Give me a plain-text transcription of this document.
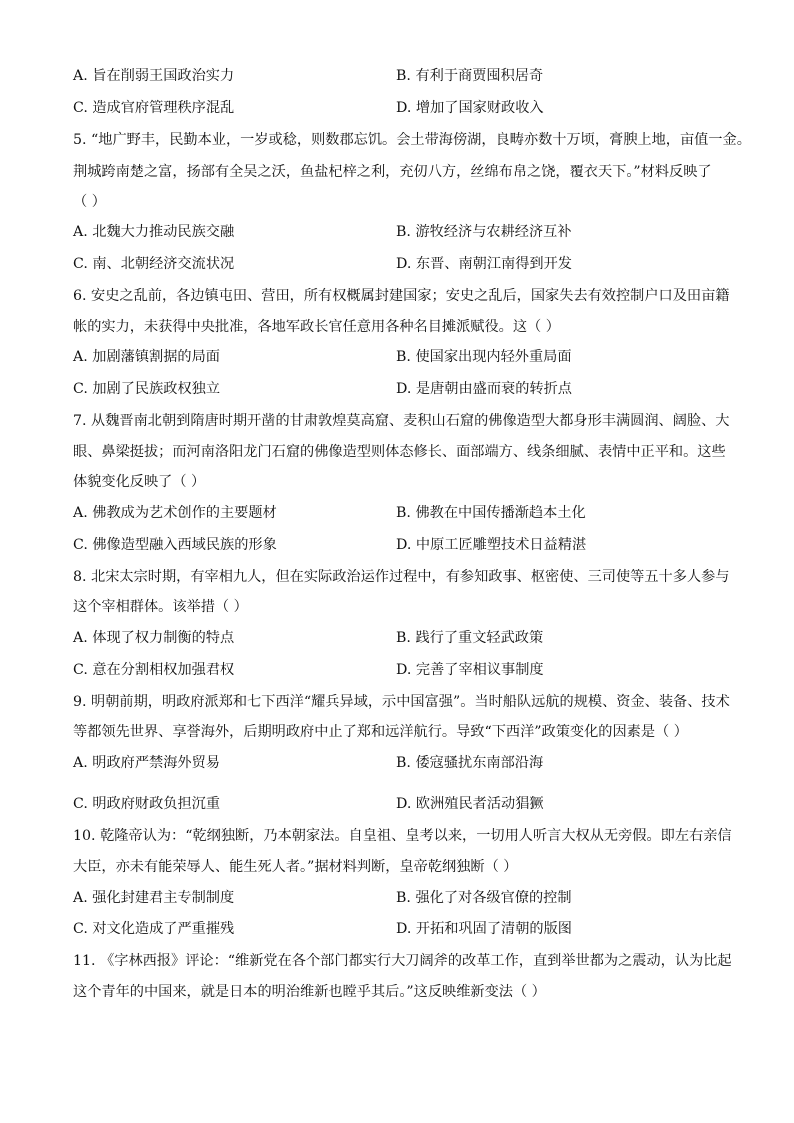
A. 旨在削弱王国政治实力	B. 有利于商贾囤积居奇
C. 造成官府管理秩序混乱	D. 增加了国家财政收入
5. “地广野丰，民勤本业，一岁或稔，则数郡忘饥。会土带海傍湖，良畴亦数十万顷，膏腴上地，亩值一金。
荆城跨南楚之富，扬部有全吴之沃，鱼盐杞梓之利，充仞八方，丝绵布帛之饶，覆衣天下。”材料反映了
（ ）
A. 北魏大力推动民族交融	B. 游牧经济与农耕经济互补
C. 南、北朝经济交流状况	D. 东晋、南朝江南得到开发
6. 安史之乱前，各边镇屯田、营田，所有权概属封建国家；安史之乱后，国家失去有效控制户口及田亩籍
帐的实力，未获得中央批准，各地军政长官任意用各种名目摊派赋役。这（ ）
A. 加剧藩镇割据的局面	B. 使国家出现内轻外重局面
C. 加剧了民族政权独立	D. 是唐朝由盛而衰的转折点
7. 从魏晋南北朝到隋唐时期开凿的甘肃敦煌莫高窟、麦积山石窟的佛像造型大都身形丰满圆润、阔脸、大
眼、鼻梁挺拔；而河南洛阳龙门石窟的佛像造型则体态修长、面部端方、线条细腻、表情中正平和。这些
体貌变化反映了（ ）
A. 佛教成为艺术创作的主要题材	B. 佛教在中国传播渐趋本土化
C. 佛像造型融入西域民族的形象	D. 中原工匠雕塑技术日益精湛
8. 北宋太宗时期，有宰相九人，但在实际政治运作过程中，有参知政事、枢密使、三司使等五十多人参与
这个宰相群体。该举措（ ）
A. 体现了权力制衡的特点	B. 践行了重文轻武政策
C. 意在分割相权加强君权	D. 完善了宰相议事制度
9. 明朝前期，明政府派郑和七下西洋“耀兵异域，示中国富强”。当时船队远航的规模、资金、装备、技术
等都领先世界、享誉海外，后期明政府中止了郑和远洋航行。导致“下西洋”政策变化的因素是（ ）
A. 明政府严禁海外贸易	B. 倭寇骚扰东南部沿海
C. 明政府财政负担沉重	D. 欧洲殖民者活动猖獗
10. 乾隆帝认为：“乾纲独断，乃本朝家法。自皇祖、皇考以来，一切用人听言大权从无旁假。即左右亲信
大臣，亦未有能荣辱人、能生死人者。”据材料判断，皇帝乾纲独断（ ）
A. 强化封建君主专制制度	B. 强化了对各级官僚的控制
C. 对文化造成了严重摧残	D. 开拓和巩固了清朝的版图
11. 《字林西报》评论：“维新党在各个部门都实行大刀阔斧的改革工作，直到举世都为之震动，认为比起
这个青年的中国来，就是日本的明治维新也瞠乎其后。”这反映维新变法（ ）
